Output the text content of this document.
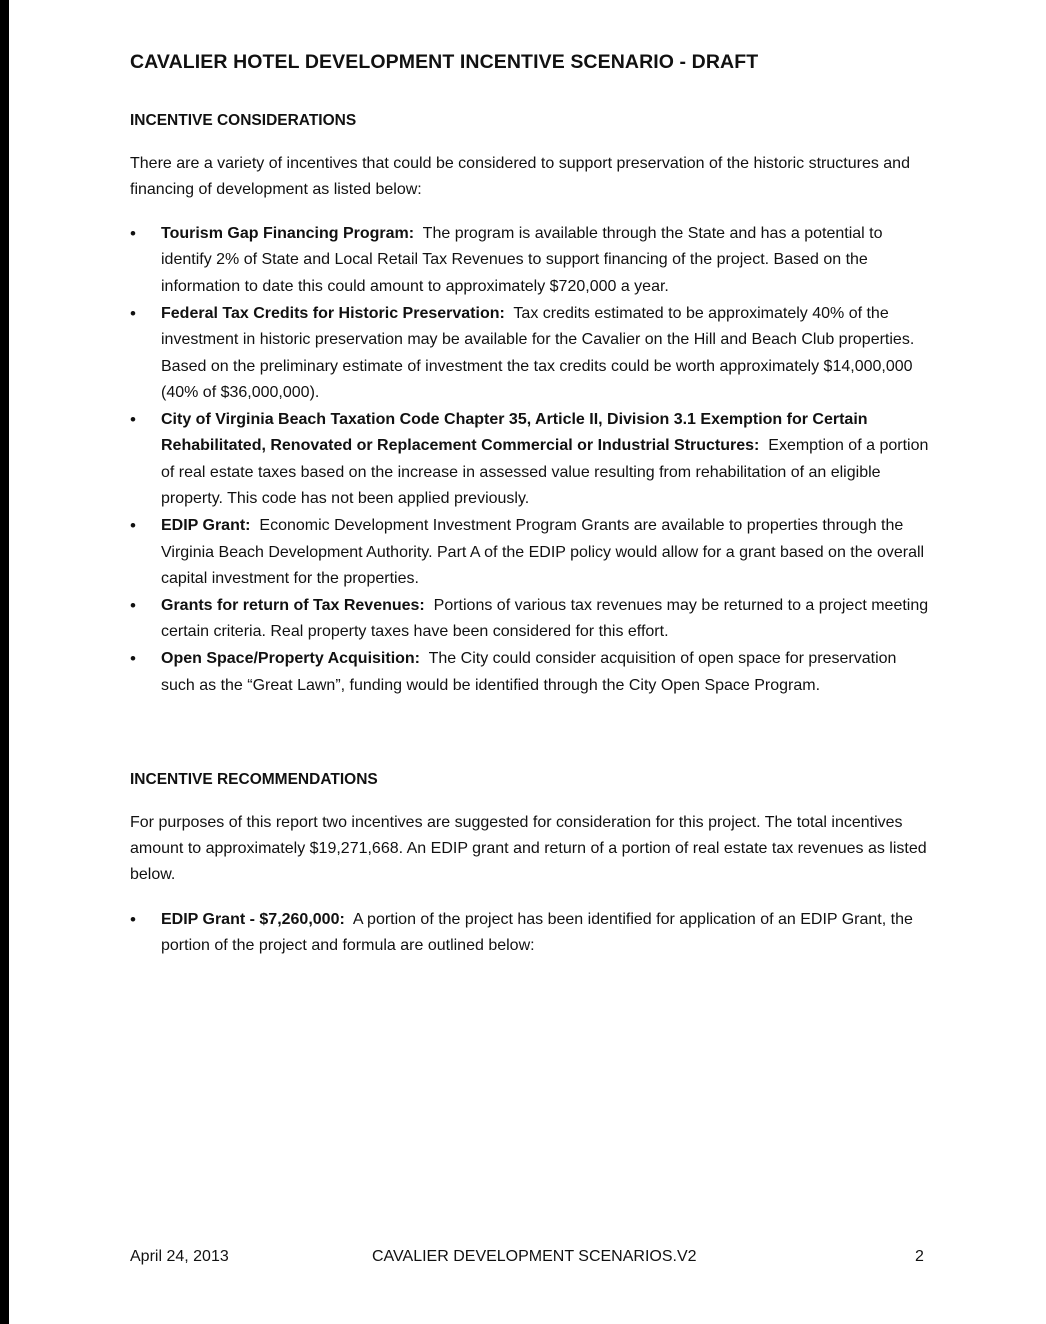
CAVALIER HOTEL DEVELOPMENT INCENTIVE SCENARIO - DRAFT
INCENTIVE CONSIDERATIONS
There are a variety of incentives that could be considered to support preservation of the historic structures and financing of development as listed below:
• Tourism Gap Financing Program: The program is available through the State and has a potential to identify 2% of State and Local Retail Tax Revenues to support financing of the project. Based on the information to date this could amount to approximately $720,000 a year.
• Federal Tax Credits for Historic Preservation: Tax credits estimated to be approximately 40% of the investment in historic preservation may be available for the Cavalier on the Hill and Beach Club properties. Based on the preliminary estimate of investment the tax credits could be worth approximately $14,000,000 (40% of $36,000,000).
• City of Virginia Beach Taxation Code Chapter 35, Article II, Division 3.1 Exemption for Certain Rehabilitated, Renovated or Replacement Commercial or Industrial Structures: Exemption of a portion of real estate taxes based on the increase in assessed value resulting from rehabilitation of an eligible property. This code has not been applied previously.
• EDIP Grant: Economic Development Investment Program Grants are available to properties through the Virginia Beach Development Authority. Part A of the EDIP policy would allow for a grant based on the overall capital investment for the properties.
• Grants for return of Tax Revenues: Portions of various tax revenues may be returned to a project meeting certain criteria. Real property taxes have been considered for this effort.
• Open Space/Property Acquisition: The City could consider acquisition of open space for preservation such as the “Great Lawn”, funding would be identified through the City Open Space Program.
INCENTIVE RECOMMENDATIONS
For purposes of this report two incentives are suggested for consideration for this project. The total incentives amount to approximately $19,271,668. An EDIP grant and return of a portion of real estate tax revenues as listed below.
• EDIP Grant - $7,260,000: A portion of the project has been identified for application of an EDIP Grant, the portion of the project and formula are outlined below:
April 24, 2013	CAVALIER DEVELOPMENT SCENARIOS.V2	2
